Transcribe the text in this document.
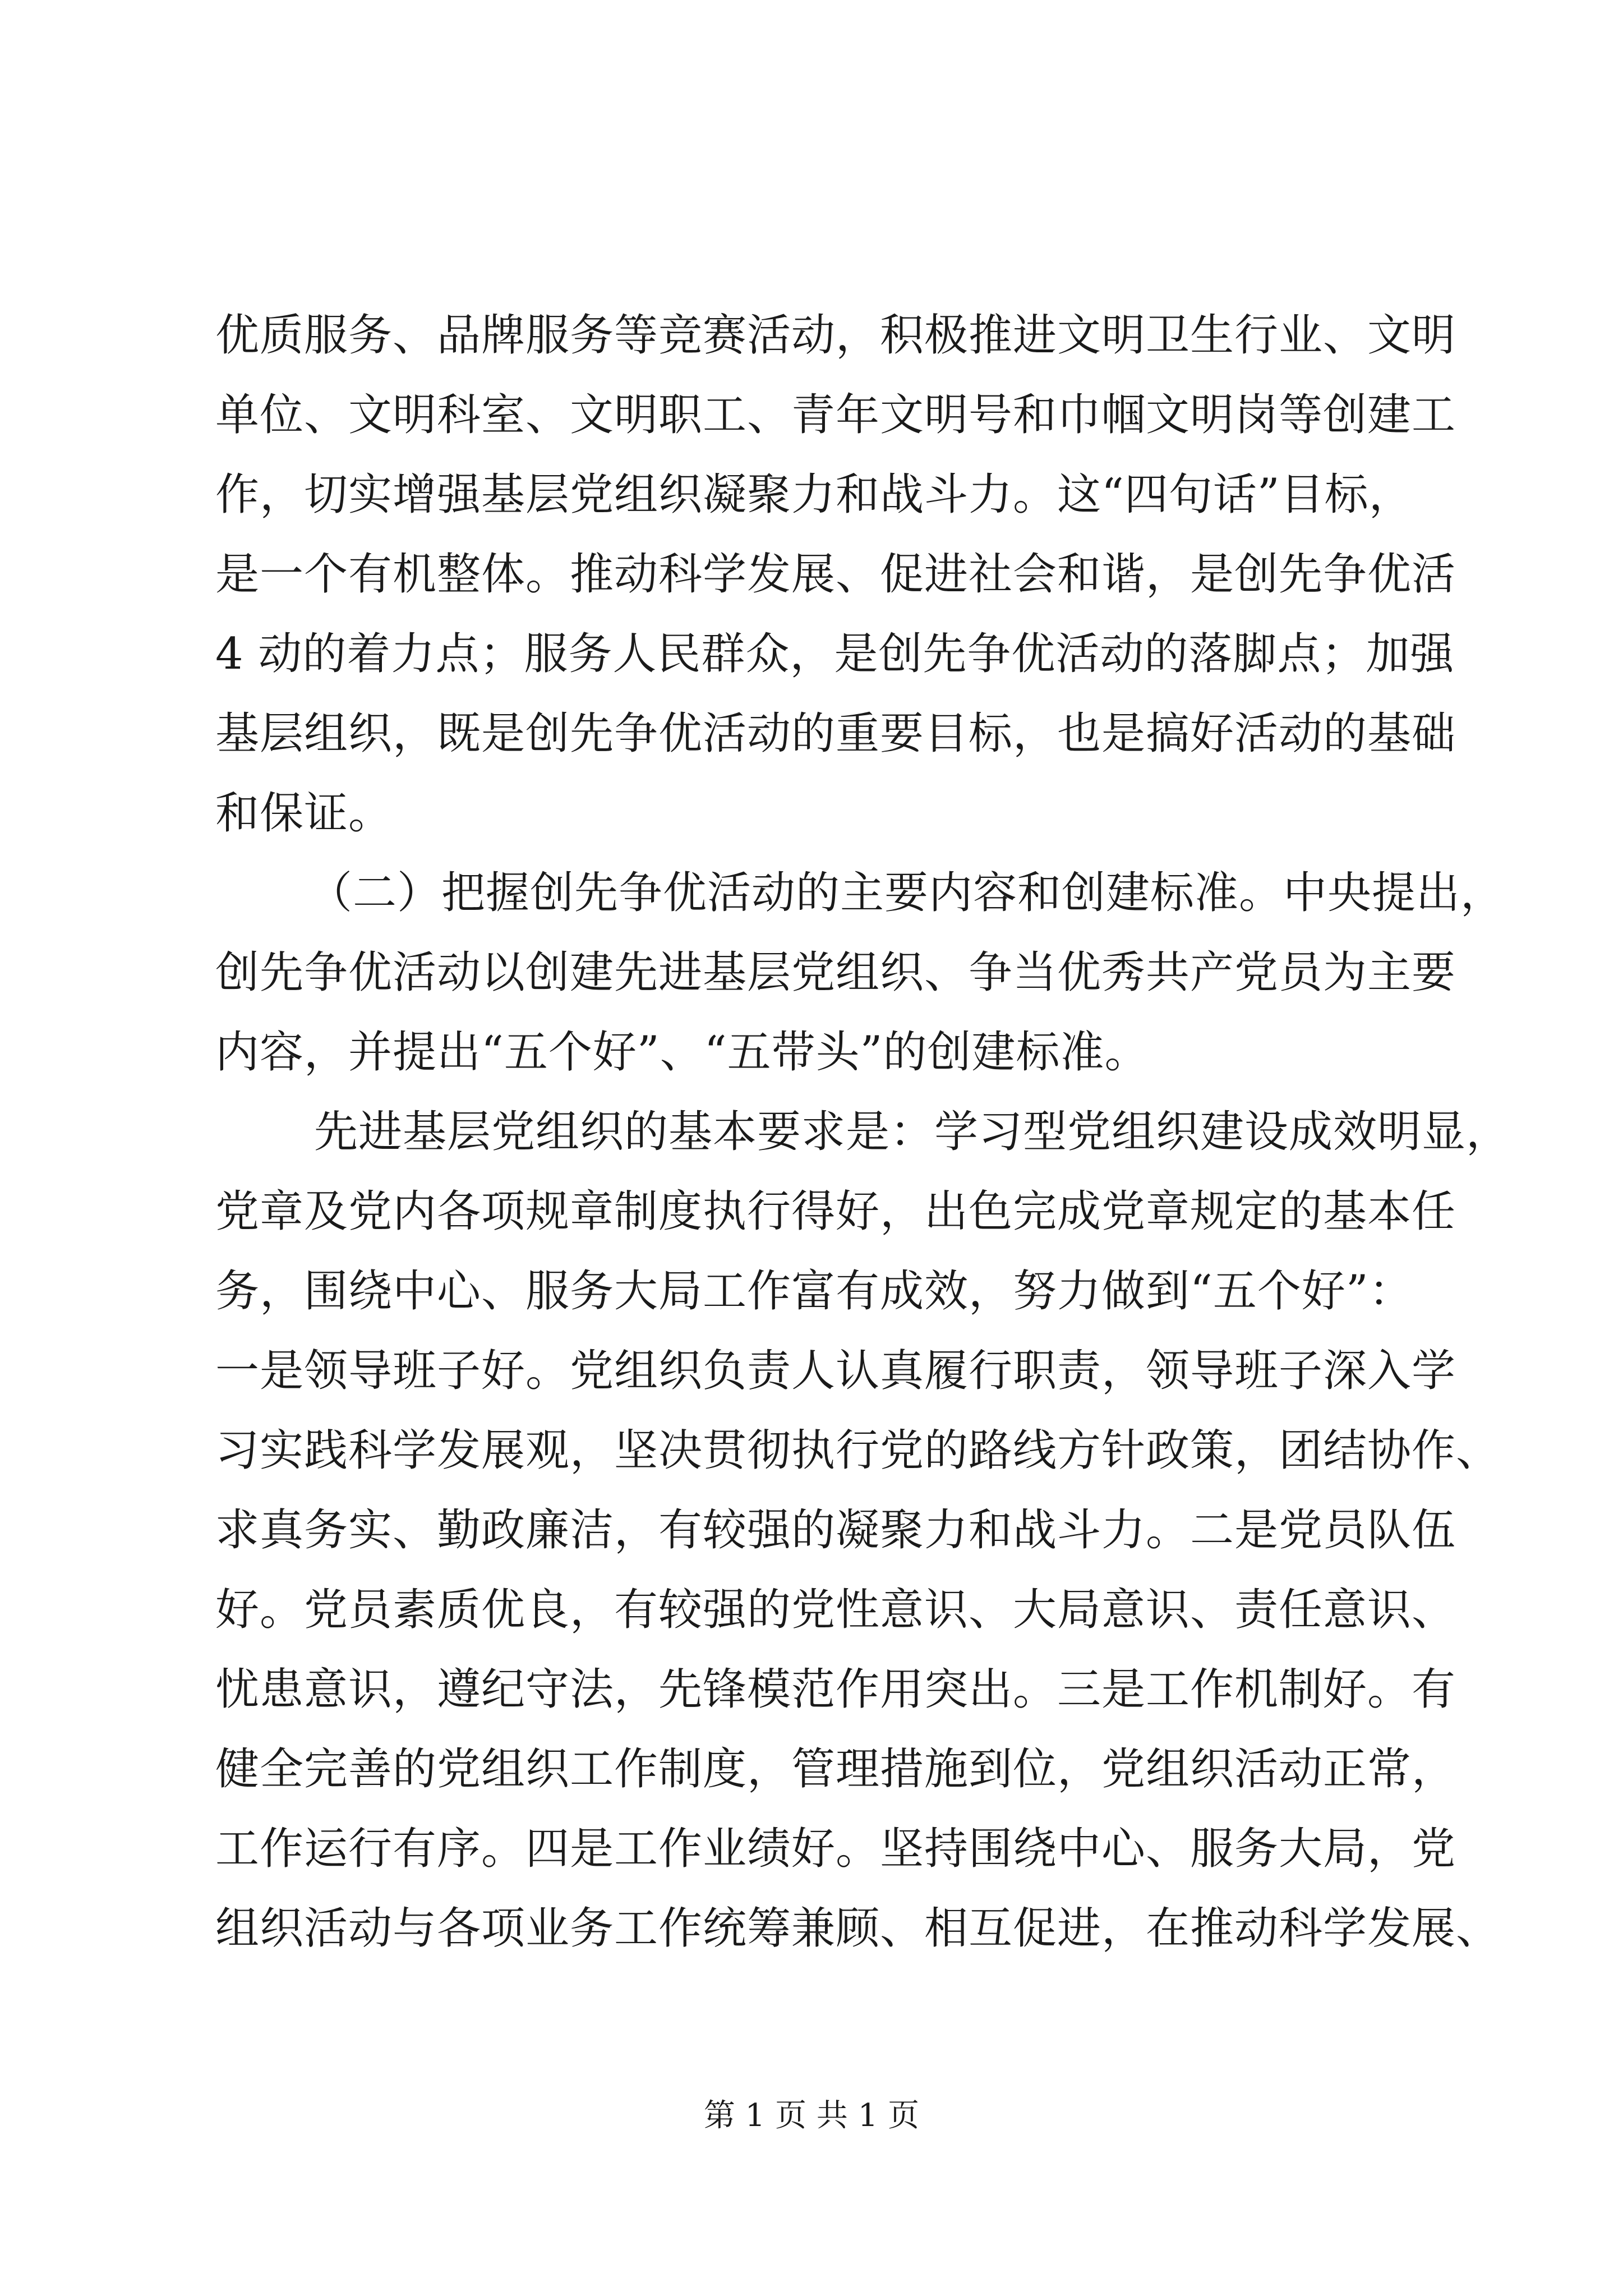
优质服务、品牌服务等竞赛活动，积极推进文明卫生行业、文明
单位、文明科室、文明职工、青年文明号和巾帼文明岗等创建工
作，切实增强基层党组织凝聚力和战斗力。这“四句话”目标，
是一个有机整体。推动科学发展、促进社会和谐，是创先争优活
4 动的着力点；服务人民群众，是创先争优活动的落脚点；加强
基层组织，既是创先争优活动的重要目标，也是搞好活动的基础
和保证。
（二）把握创先争优活动的主要内容和创建标准。中央提出，
创先争优活动以创建先进基层党组织、争当优秀共产党员为主要
内容，并提出“五个好”、“五带头”的创建标准。
先进基层党组织的基本要求是：学习型党组织建设成效明显，
党章及党内各项规章制度执行得好，出色完成党章规定的基本任
务，围绕中心、服务大局工作富有成效，努力做到“五个好”：
一是领导班子好。党组织负责人认真履行职责，领导班子深入学
习实践科学发展观，坚决贯彻执行党的路线方针政策，团结协作、
求真务实、勤政廉洁，有较强的凝聚力和战斗力。二是党员队伍
好。党员素质优良，有较强的党性意识、大局意识、责任意识、
忧患意识，遵纪守法，先锋模范作用突出。三是工作机制好。有
健全完善的党组织工作制度，管理措施到位，党组织活动正常，
工作运行有序。四是工作业绩好。坚持围绕中心、服务大局，党
组织活动与各项业务工作统筹兼顾、相互促进，在推动科学发展、
第 1 页 共 1 页
